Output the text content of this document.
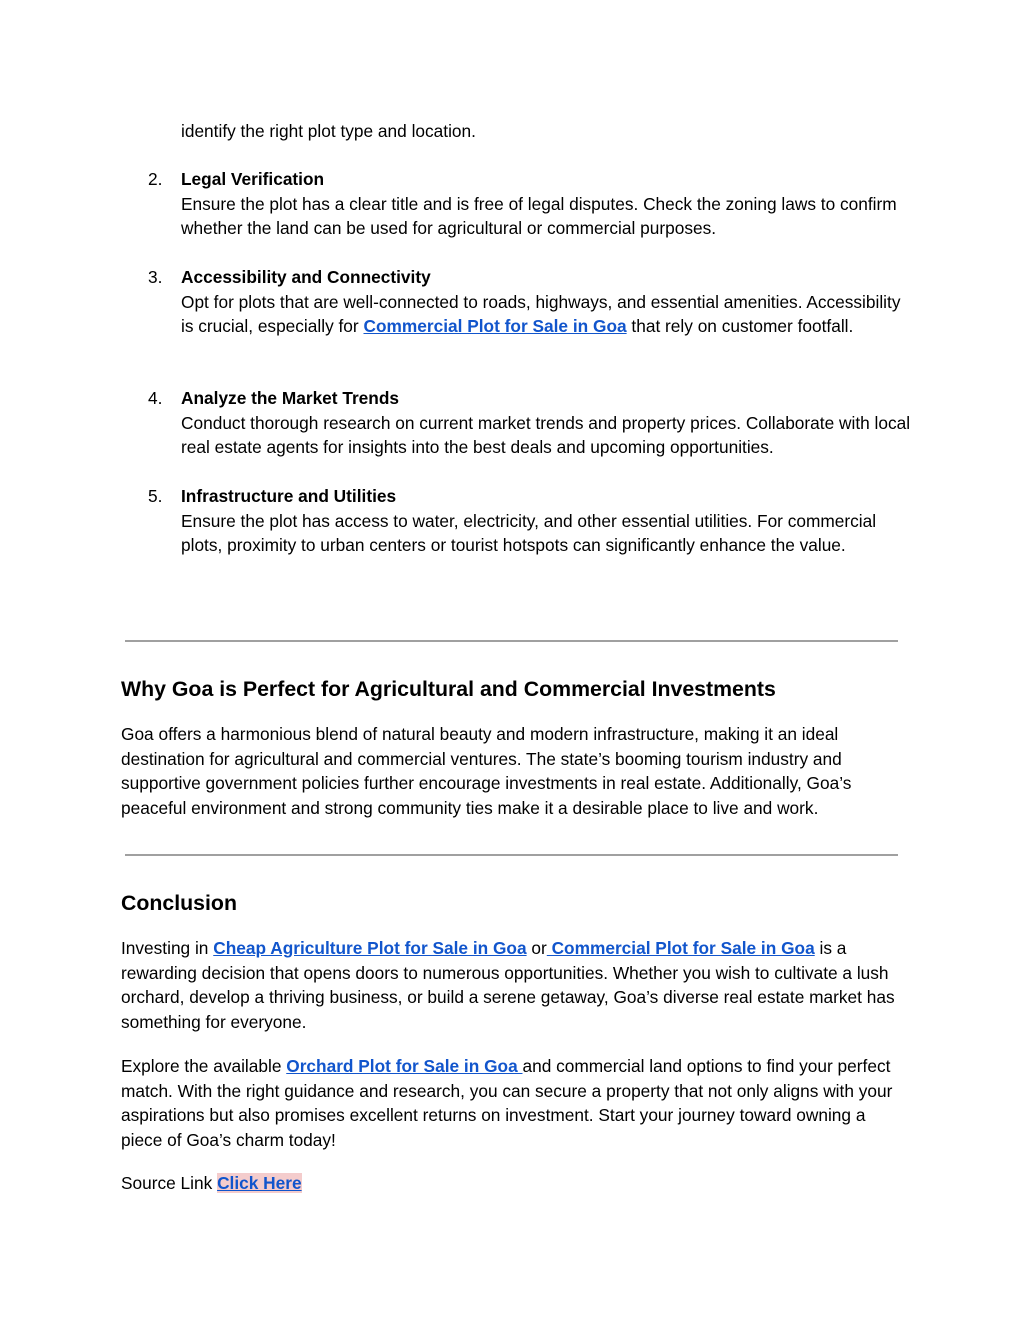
identify the right plot type and location.
2.	Legal Verification
Ensure the plot has a clear title and is free of legal disputes. Check the zoning laws to confirm whether the land can be used for agricultural or commercial purposes.
3.	Accessibility and Connectivity
Opt for plots that are well-connected to roads, highways, and essential amenities. Accessibility is crucial, especially for Commercial Plot for Sale in Goa that rely on customer footfall.
4.	Analyze the Market Trends
Conduct thorough research on current market trends and property prices. Collaborate with local real estate agents for insights into the best deals and upcoming opportunities.
5.	Infrastructure and Utilities
Ensure the plot has access to water, electricity, and other essential utilities. For commercial plots, proximity to urban centers or tourist hotspots can significantly enhance the value.
Why Goa is Perfect for Agricultural and Commercial Investments

Goa offers a harmonious blend of natural beauty and modern infrastructure, making it an ideal destination for agricultural and commercial ventures. The state’s booming tourism industry and supportive government policies further encourage investments in real estate. Additionally, Goa’s peaceful environment and strong community ties make it a desirable place to live and work.

Conclusion

Investing in Cheap Agriculture Plot for Sale in Goa or Commercial Plot for Sale in Goa is a rewarding decision that opens doors to numerous opportunities. Whether you wish to cultivate a lush orchard, develop a thriving business, or build a serene getaway, Goa’s diverse real estate market has something for everyone.

Explore the available Orchard Plot for Sale in Goa and commercial land options to find your perfect match. With the right guidance and research, you can secure a property that not only aligns with your aspirations but also promises excellent returns on investment. Start your journey toward owning a piece of Goa’s charm today!

Source Link Click Here
